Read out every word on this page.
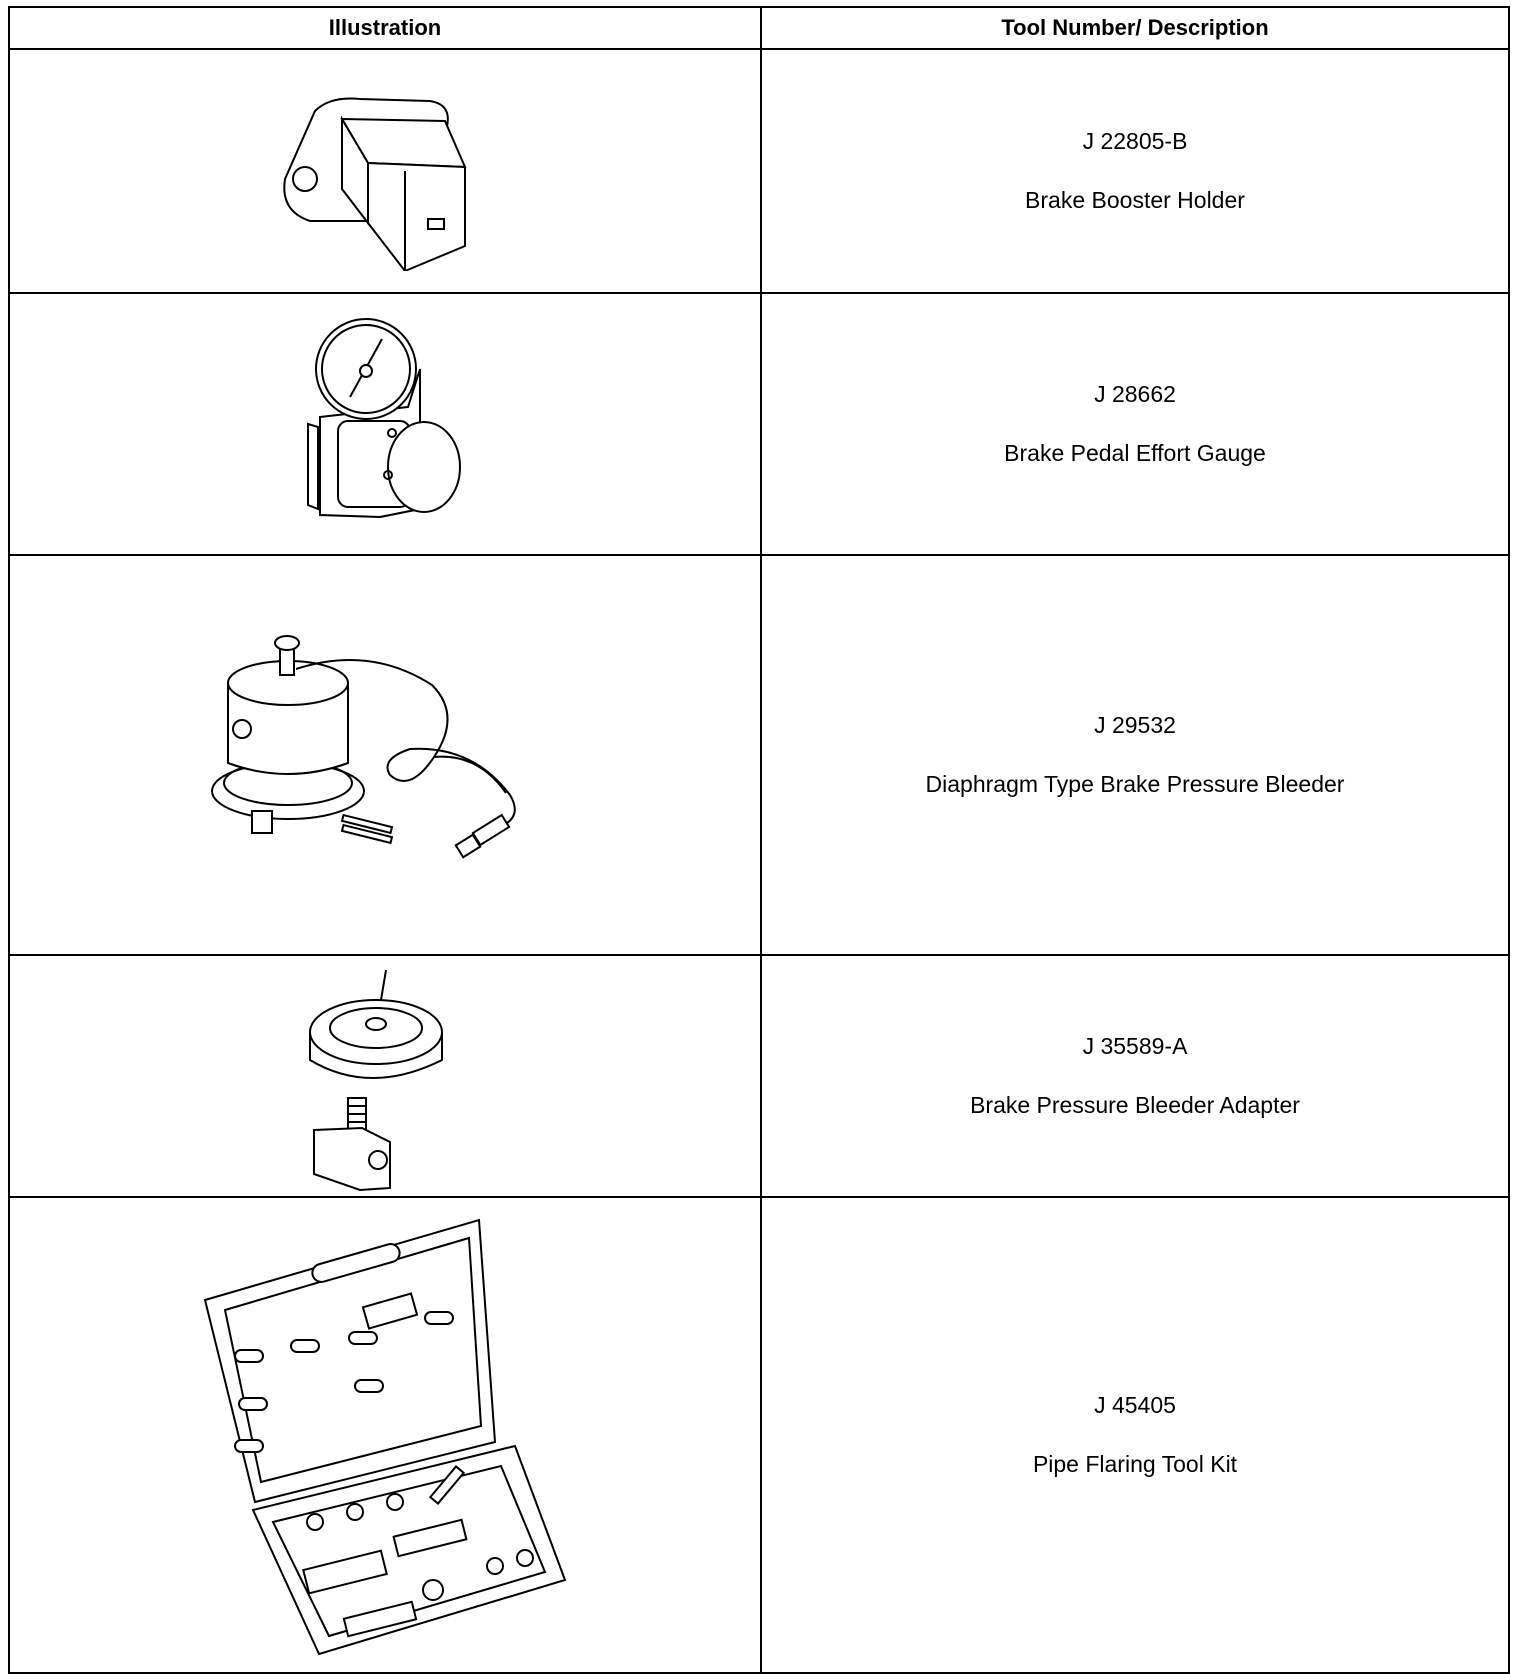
Illustration	Tool Number/ Description

J 22805-B
Brake Booster Holder

J 28662
Brake Pedal Effort Gauge

J 29532
Diaphragm Type Brake Pressure Bleeder

J 35589-A
Brake Pressure Bleeder Adapter

J 45405
Pipe Flaring Tool Kit
